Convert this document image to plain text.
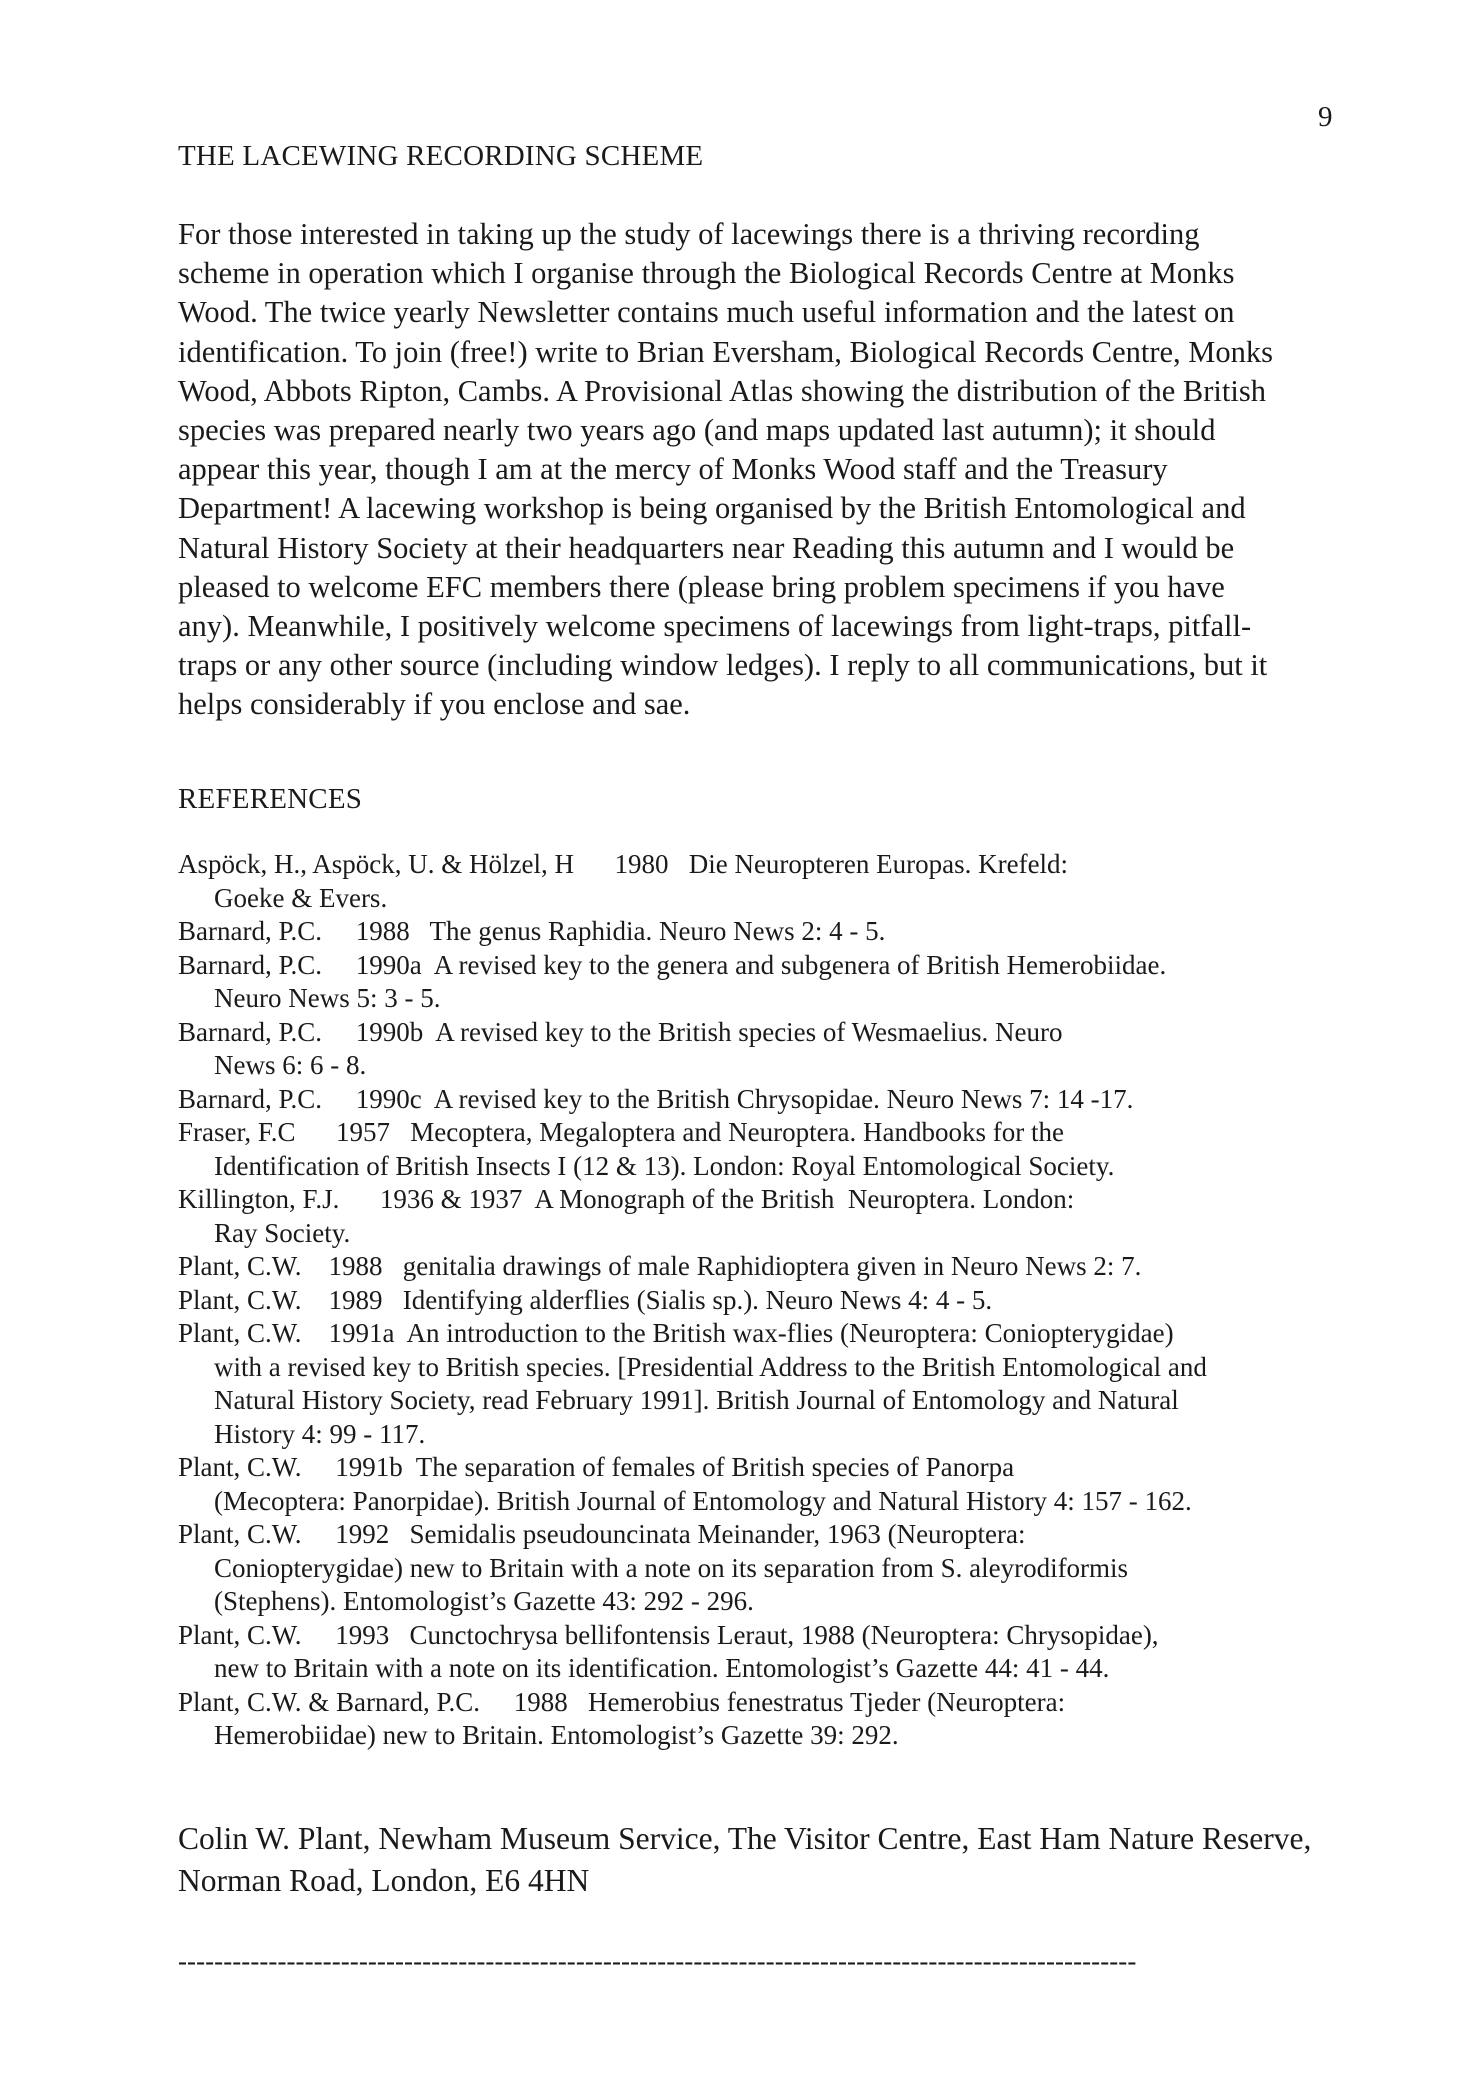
9

THE LACEWING RECORDING SCHEME

For those interested in taking up the study of lacewings there is a thriving recording
scheme in operation which I organise through the Biological Records Centre at Monks
Wood. The twice yearly Newsletter contains much useful information and the latest on
identification. To join (free!) write to Brian Eversham, Biological Records Centre, Monks
Wood, Abbots Ripton, Cambs. A Provisional Atlas showing the distribution of the British
species was prepared nearly two years ago (and maps updated last autumn); it should
appear this year, though I am at the mercy of Monks Wood staff and the Treasury
Department! A lacewing workshop is being organised by the British Entomological and
Natural History Society at their headquarters near Reading this autumn and I would be
pleased to welcome EFC members there (please bring problem specimens if you have
any). Meanwhile, I positively welcome specimens of lacewings from light-traps, pitfall-
traps or any other source (including window ledges). I reply to all communications, but it
helps considerably if you enclose and sae.

REFERENCES
Aspöck, H., Aspöck, U. & Hölzel, H      1980   Die Neuropteren Europas. Krefeld:
Goeke & Evers.
Barnard, P.C.     1988   The genus Raphidia. Neuro News 2: 4 - 5.
Barnard, P.C.     1990a  A revised key to the genera and subgenera of British Hemerobiidae.
Neuro News 5: 3 - 5.
Barnard, P.C.     1990b  A revised key to the British species of Wesmaelius. Neuro
News 6: 6 - 8.
Barnard, P.C.     1990c  A revised key to the British Chrysopidae. Neuro News 7: 14 -17.
Fraser, F.C      1957   Mecoptera, Megaloptera and Neuroptera. Handbooks for the
Identification of British Insects I (12 & 13). London: Royal Entomological Society.
Killington, F.J.      1936 & 1937  A Monograph of the British  Neuroptera. London:
Ray Society.
Plant, C.W.    1988   genitalia drawings of male Raphidioptera given in Neuro News 2: 7.
Plant, C.W.    1989   Identifying alderflies (Sialis sp.). Neuro News 4: 4 - 5.
Plant, C.W.    1991a  An introduction to the British wax-flies (Neuroptera: Coniopterygidae)
with a revised key to British species. [Presidential Address to the British Entomological and
Natural History Society, read February 1991]. British Journal of Entomology and Natural
History 4: 99 - 117.
Plant, C.W.     1991b  The separation of females of British species of Panorpa
(Mecoptera: Panorpidae). British Journal of Entomology and Natural History 4: 157 - 162.
Plant, C.W.     1992   Semidalis pseudouncinata Meinander, 1963 (Neuroptera:
Coniopterygidae) new to Britain with a note on its separation from S. aleyrodiformis
(Stephens). Entomologist’s Gazette 43: 292 - 296.
Plant, C.W.     1993   Cunctochrysa bellifontensis Leraut, 1988 (Neuroptera: Chrysopidae),
new to Britain with a note on its identification. Entomologist’s Gazette 44: 41 - 44.
Plant, C.W. & Barnard, P.C.     1988   Hemerobius fenestratus Tjeder (Neuroptera:
Hemerobiidae) new to Britain. Entomologist’s Gazette 39: 292.

Colin W. Plant, Newham Museum Service, The Visitor Centre, East Ham Nature Reserve,
Norman Road, London, E6 4HN

----------------------------------------------------------------------------------------------------------
